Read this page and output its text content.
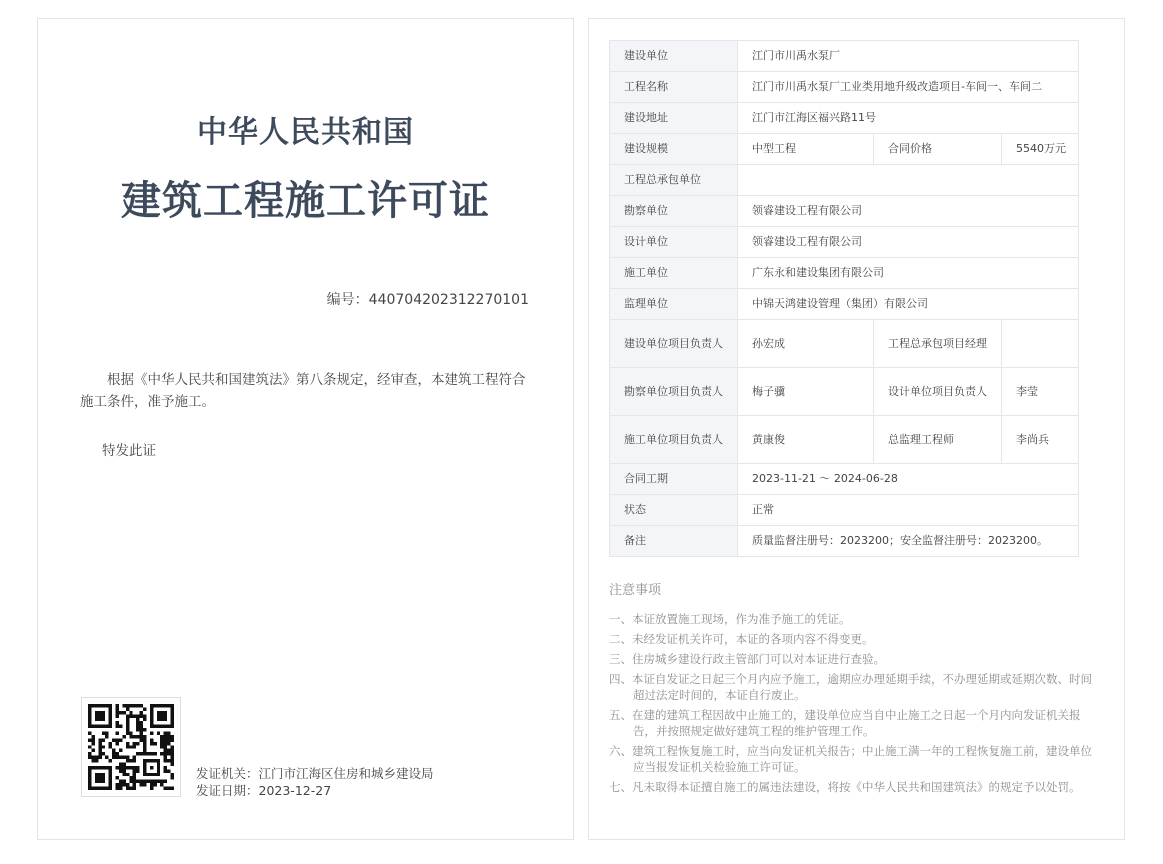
中华人民共和国
建筑工程施工许可证
编号：440704202312270101
根据《中华人民共和国建筑法》第八条规定，经审查，本建筑工程符合施工条件，准予施工。
特发此证
发证机关：江门市江海区住房和城乡建设局
发证日期：2023-12-27
建设单位	江门市川禹水泵厂		
工程名称	江门市川禹水泵厂工业类用地升级改造项目-车间一、车间二		
建设地址	江门市江海区福兴路11号		
建设规模	中型工程	合同价格	5540万元
工程总承包单位			
勘察单位	领睿建设工程有限公司		
设计单位	领睿建设工程有限公司		
施工单位	广东永和建设集团有限公司		
监理单位	中锦天鸿建设管理（集团）有限公司		
建设单位项目负责人	孙宏成	工程总承包项目经理	
勘察单位项目负责人	梅子骥	设计单位项目负责人	李莹
施工单位项目负责人	黄康俊	总监理工程师	李尚兵
合同工期	2023-11-21 ～ 2024-06-28		
状态	正常		
备注	质量监督注册号：2023200；安全监督注册号：2023200。		
注意事项
一、本证放置施工现场，作为准予施工的凭证。
二、未经发证机关许可，本证的各项内容不得变更。
三、住房城乡建设行政主管部门可以对本证进行查验。
四、本证自发证之日起三个月内应予施工，逾期应办理延期手续，不办理延期或延期次数、时间超过法定时间的，本证自行废止。
五、在建的建筑工程因故中止施工的，建设单位应当自中止施工之日起一个月内向发证机关报告，并按照规定做好建筑工程的维护管理工作。
六、建筑工程恢复施工时，应当向发证机关报告；中止施工满一年的工程恢复施工前，建设单位应当报发证机关检验施工许可证。
七、凡未取得本证擅自施工的属违法建设，将按《中华人民共和国建筑法》的规定予以处罚。
